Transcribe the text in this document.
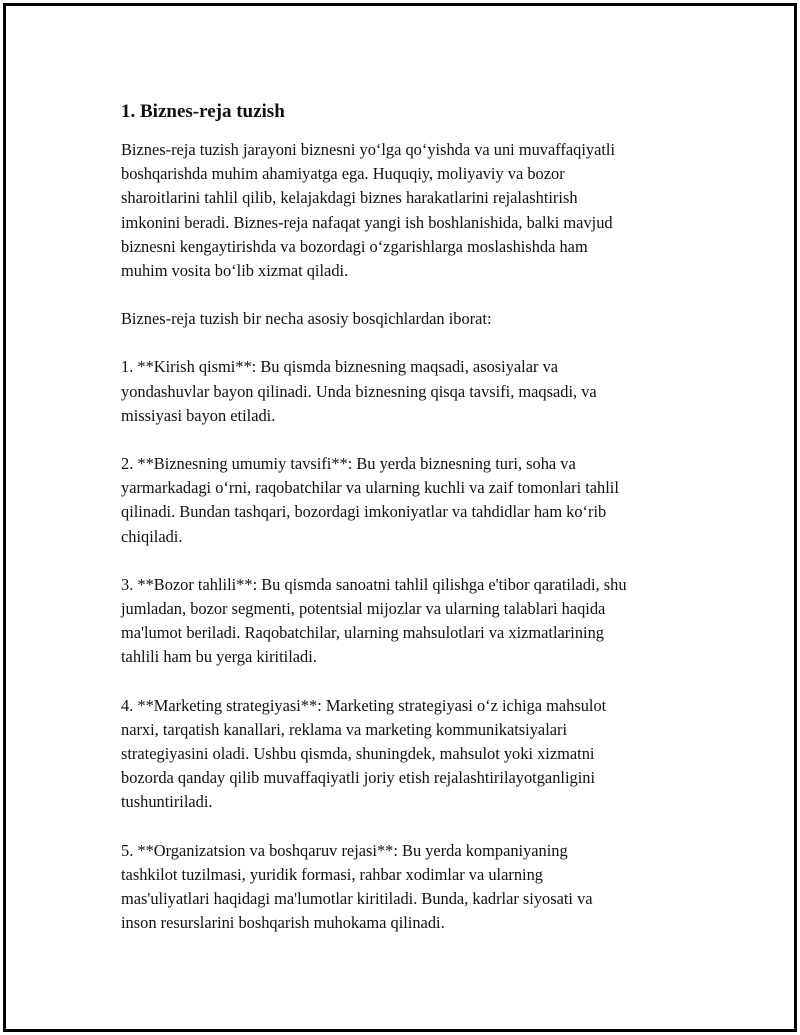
1. Biznes-reja tuzish

Biznes-reja tuzish jarayoni biznesni yo‘lga qo‘yishda va uni muvaffaqiyatli
boshqarishda muhim ahamiyatga ega. Huquqiy, moliyaviy va bozor
sharoitlarini tahlil qilib, kelajakdagi biznes harakatlarini rejalashtirish
imkonini beradi. Biznes-reja nafaqat yangi ish boshlanishida, balki mavjud
biznesni kengaytirishda va bozordagi o‘zgarishlarga moslashishda ham
muhim vosita bo‘lib xizmat qiladi.

Biznes-reja tuzish bir necha asosiy bosqichlardan iborat:

1. **Kirish qismi**: Bu qismda biznesning maqsadi, asosiyalar va
yondashuvlar bayon qilinadi. Unda biznesning qisqa tavsifi, maqsadi, va
missiyasi bayon etiladi.

2. **Biznesning umumiy tavsifi**: Bu yerda biznesning turi, soha va
yarmarkadagi o‘rni, raqobatchilar va ularning kuchli va zaif tomonlari tahlil
qilinadi. Bundan tashqari, bozordagi imkoniyatlar va tahdidlar ham ko‘rib
chiqiladi.

3. **Bozor tahlili**: Bu qismda sanoatni tahlil qilishga e'tibor qaratiladi, shu
jumladan, bozor segmenti, potentsial mijozlar va ularning talablari haqida
ma'lumot beriladi. Raqobatchilar, ularning mahsulotlari va xizmatlarining
tahlili ham bu yerga kiritiladi.

4. **Marketing strategiyasi**: Marketing strategiyasi o‘z ichiga mahsulot
narxi, tarqatish kanallari, reklama va marketing kommunikatsiyalari
strategiyasini oladi. Ushbu qismda, shuningdek, mahsulot yoki xizmatni
bozorda qanday qilib muvaffaqiyatli joriy etish rejalashtirilayotganligini
tushuntiriladi.

5. **Organizatsion va boshqaruv rejasi**: Bu yerda kompaniyaning
tashkilot tuzilmasi, yuridik formasi, rahbar xodimlar va ularning
mas'uliyatlari haqidagi ma'lumotlar kiritiladi. Bunda, kadrlar siyosati va
inson resurslarini boshqarish muhokama qilinadi.
